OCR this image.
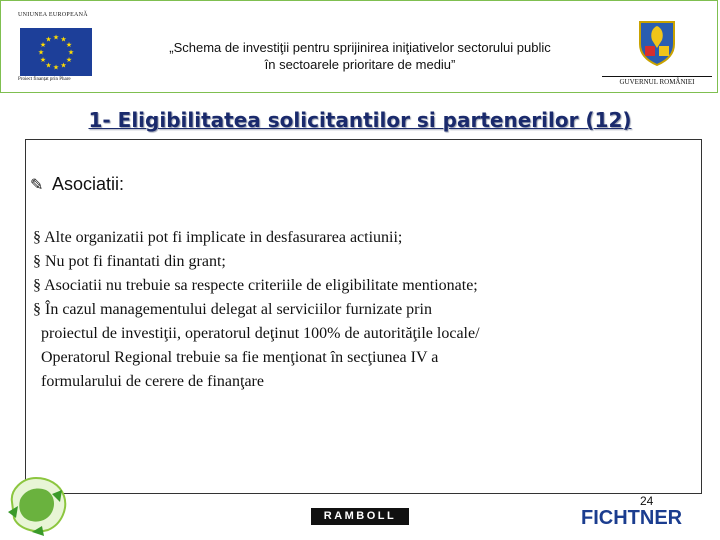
UNIUNEA EUROPEANĂ
★ ★
★
★
★
★
★
★
★
★
★
★
Proiect finanțat prin Phare
„Schema de investiţii pentru sprijinirea iniţiativelor sectorului public
în sectoarele prioritare de mediu”
GUVERNUL ROMÂNIEI
1- Eligibilitatea solicitantilor si partenerilor (12)
✎ Asociatii:
§ Alte organizatii pot fi implicate in desfasurarea actiunii;
§ Nu pot fi finantati din grant;
§ Asociatii nu trebuie sa respecte criteriile de eligibilitate mentionate;
§ În cazul managementului delegat al serviciilor furnizate prin
proiectul de investiţii, operatorul deţinut 100% de autorităţile locale/
Operatorul Regional trebuie sa fie menţionat în secţiunea IV a
formularului de cerere de finanţare
24
RAMBOLL	FICHTNER
